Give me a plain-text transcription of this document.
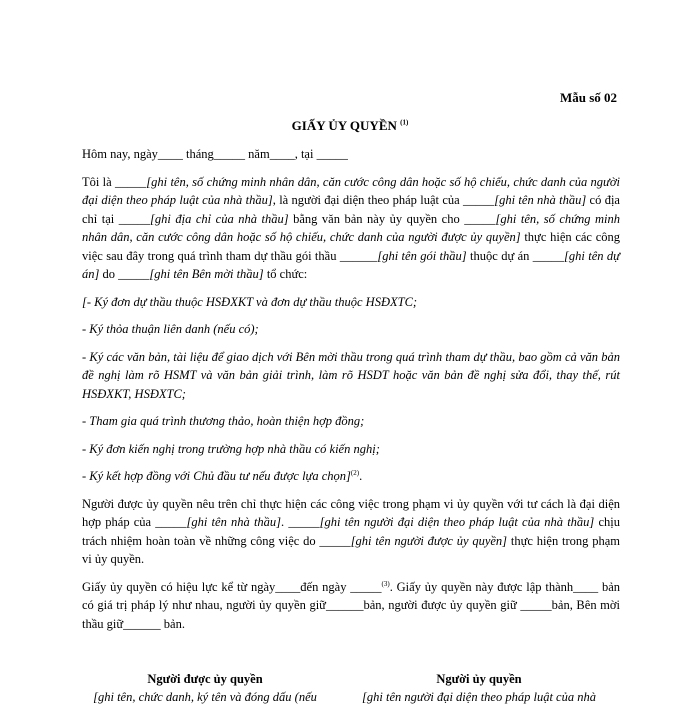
Mẫu số 02
GIẤY ỦY QUYỀN $^{(1)}$

Hôm nay, ngày____ tháng_____ năm____, tại _____

Tôi là _____[ghi tên, số chứng minh nhân dân, căn cước công dân hoặc số hộ chiếu, chức danh của người đại diện theo pháp luật của nhà thầu], là người đại diện theo pháp luật của _____[ghi tên nhà thầu] có địa chỉ tại _____[ghi địa chỉ của nhà thầu] bằng văn bản này ủy quyền cho _____[ghi tên, số chứng minh nhân dân, căn cước công dân hoặc số hộ chiếu, chức danh của người được ủy quyền] thực hiện các công việc sau đây trong quá trình tham dự thầu gói thầu ______[ghi tên gói thầu] thuộc dự án _____[ghi tên dự án] do _____[ghi tên Bên mời thầu] tổ chức:

[- Ký đơn dự thầu thuộc HSĐXKT và đơn dự thầu thuộc HSĐXTC;

- Ký thỏa thuận liên danh (nếu có);

- Ký các văn bản, tài liệu để giao dịch với Bên mời thầu trong quá trình tham dự thầu, bao gồm cả văn bản đề nghị làm rõ HSMT và văn bản giải trình, làm rõ HSDT hoặc văn bản đề nghị sửa đổi, thay thế, rút HSĐXKT, HSĐXTC;

- Tham gia quá trình thương thảo, hoàn thiện hợp đồng;

- Ký đơn kiến nghị trong trường hợp nhà thầu có kiến nghị;

- Ký kết hợp đồng với Chủ đầu tư nếu được lựa chọn]$^{(2)}$.

Người được ủy quyền nêu trên chỉ thực hiện các công việc trong phạm vi ủy quyền với tư cách là đại diện hợp pháp của _____[ghi tên nhà thầu]. _____[ghi tên người đại diện theo pháp luật của nhà thầu] chịu trách nhiệm hoàn toàn về những công việc do _____[ghi tên người được ủy quyền] thực hiện trong phạm vi ủy quyền.

Giấy ủy quyền có hiệu lực kể từ ngày____đến ngày _____$^{(3)}$. Giấy ủy quyền này được lập thành____ bản có giá trị pháp lý như nhau, người ủy quyền giữ______bản, người được ủy quyền giữ _____bản, Bên mời thầu giữ______ bản.

Người được ủy quyền
[ghi tên, chức danh, ký tên và đóng dấu (nếu
Người ủy quyền
[ghi tên người đại diện theo pháp luật của nhà
